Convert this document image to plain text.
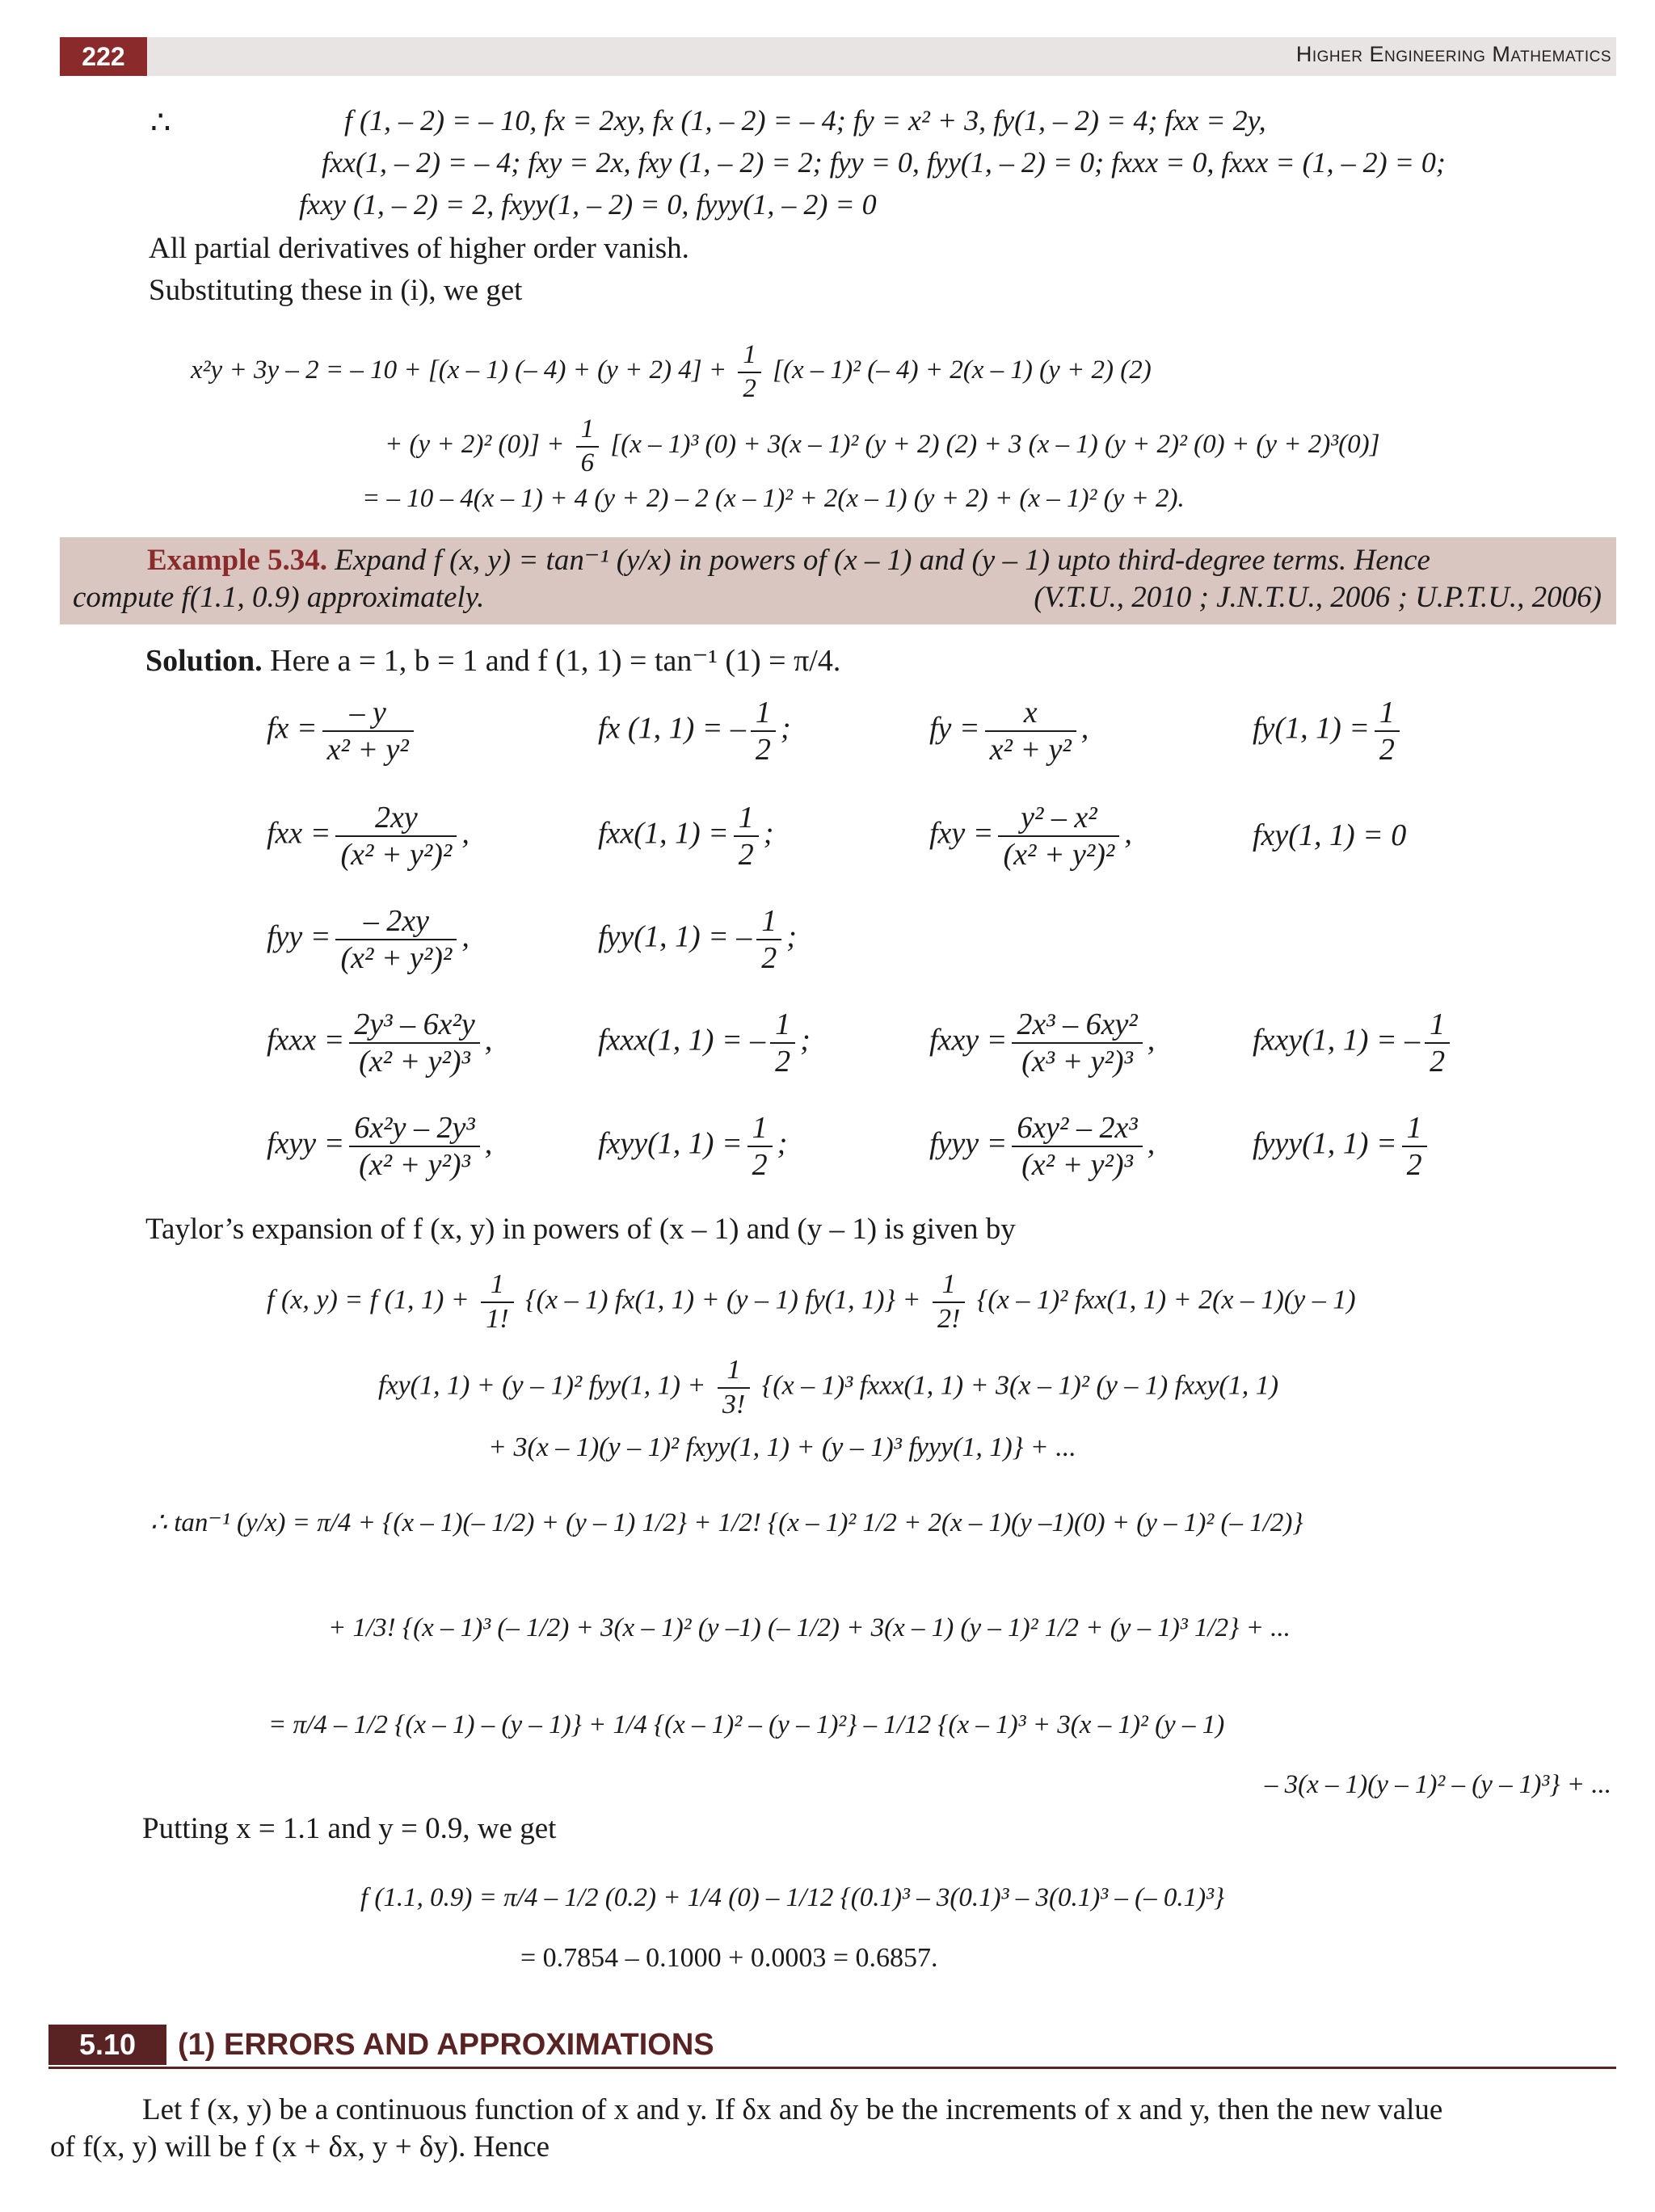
222	Higher Engineering Mathematics
∴	f (1, – 2) = – 10, fx = 2xy, fx (1, – 2) = – 4; fy = x² + 3, fy(1, – 2) = 4; fxx = 2y,
fxx(1, – 2) = – 4; fxy = 2x, fxy (1, – 2) = 2; fyy = 0, fyy(1, – 2) = 0; fxxx = 0, fxxx = (1, – 2) = 0;
fxxy (1, – 2) = 2, fxyy(1, – 2) = 0, fyyy(1, – 2) = 0
All partial derivatives of higher order vanish.
Substituting these in (i), we get
x²y + 3y – 2 = – 10 + [(x – 1) (– 4) + (y + 2) $4] + \frac{1}{2} [(x - 1)^2$ (– 4) + 2(x – 1) (y + 2) (2)
+ (y + 2)² $(0)] + \frac{1}{6} [(x - 1)^3$ (0) + 3(x – 1)² (y + 2) (2) + 3 (x – 1) (y + 2)² (0) + (y + 2)³(0)]
= – 10 – 4(x – 1) + 4 (y + 2) – 2 (x – 1)² + 2(x – 1) (y + 2) + (x – 1)² (y + 2).
Example 5.34. Expand f (x, y) = tan⁻¹ (y/x) in powers of (x – 1) and (y – 1) upto third-degree terms. Hence
compute f(1.1, 0.9) approximately.	(V.T.U., 2010 ; J.N.T.U., 2006 ; U.P.T.U., 2006)
Solution. Here a = 1, b = 1 and f (1, 1) = tan⁻¹ (1) = π/4.
fx = $\frac{- y}{\text{x² + y²}}$	fx (1, 1) = – $\frac{1}{2}$ ;	fy = $\frac{x}{\text{x² + y²}}$ ,	fy(1, $1) = \frac{1}{2}$
fxx = $\frac{2xy}{\text{(x² + y²)²}}$ ,	fxx(1, $1) = \frac{1}{2}$ ;	fxy = $\frac{\text{y² – x²}}{\text{(x² + y²)²}}$ ,	fxy(1, 1) = 0
fyy = $\frac{- 2xy}{\text{(x² + y²)²}}$ ,	fyy(1, 1) = – $\frac{1}{2}$ ;
fxxx = $\frac{\text{2y³ – 6x²y}}{\text{(x² + y²)³}}$ ,	fxxx(1, 1) = – $\frac{1}{2}$ ;	fxxy = $\frac{\text{2x³ – 6xy²}}{\text{(x³ + y²)³}}$ ,	fxxy(1, 1) = – $\frac{1}{2}$
fxyy = $\frac{\text{6x²y – 2y³}}{\text{(x² + y²)³}}$ ,	fxyy(1, $1) = \frac{1}{2}$ ;	fyyy = $\frac{\text{6xy² – 2x³}}{\text{(x² + y²)³}}$ ,	fyyy(1, $1) = \frac{1}{2}$
Taylor’s expansion of f (x, y) in powers of (x – 1) and (y – 1) is given by
f (x, y) = f (1, $1) + \frac{1}{1!} \{(x - 1)$ fx(1, 1) + (y – 1) fy(1, $1)\} + \frac{1}{2!} \{(x - 1)^2$ fxx(1, 1) + 2(x – 1)(y – 1)
fxy(1, 1) + (y – 1)² fyy(1, $1) + \frac{1}{3!} \{(x - 1)^3$ fxxx(1, 1) + 3(x – 1)² (y – 1) fxxy(1, 1)
+ 3(x – 1)(y – 1)² fxyy(1, 1) + (y – 1)³ fyyy(1, 1)} + ...
∴ tan⁻¹ (y/x) = π/4 + {(x – 1)(– 1/2) + (y – 1) 1/2} + 1/2! {(x – 1)² 1/2 + 2(x – 1)(y –1)(0) + (y – 1)² (– 1/2)}
+ 1/3! {(x – 1)³ (– 1/2) + 3(x – 1)² (y –1) (– 1/2) + 3(x – 1) (y – 1)² 1/2 + (y – 1)³ 1/2} + ...
= π/4 – 1/2 {(x – 1) – (y – 1)} + 1/4 {(x – 1)² – (y – 1)²} – 1/12 {(x – 1)³ + 3(x – 1)² (y – 1)
– 3(x – 1)(y – 1)² – (y – 1)³} + ...
Putting x = 1.1 and y = 0.9, we get
f (1.1, 0.9) = π/4 – 1/2 (0.2) + 1/4 (0) – 1/12 {(0.1)³ – 3(0.1)³ – 3(0.1)³ – (– 0.1)³}
= 0.7854 – 0.1000 + 0.0003 = 0.6857.
5.10	(1) ERRORS AND APPROXIMATIONS
Let f (x, y) be a continuous function of x and y. If δx and δy be the increments of x and y, then the new value
of f(x, y) will be f (x + δx, y + δy). Hence
